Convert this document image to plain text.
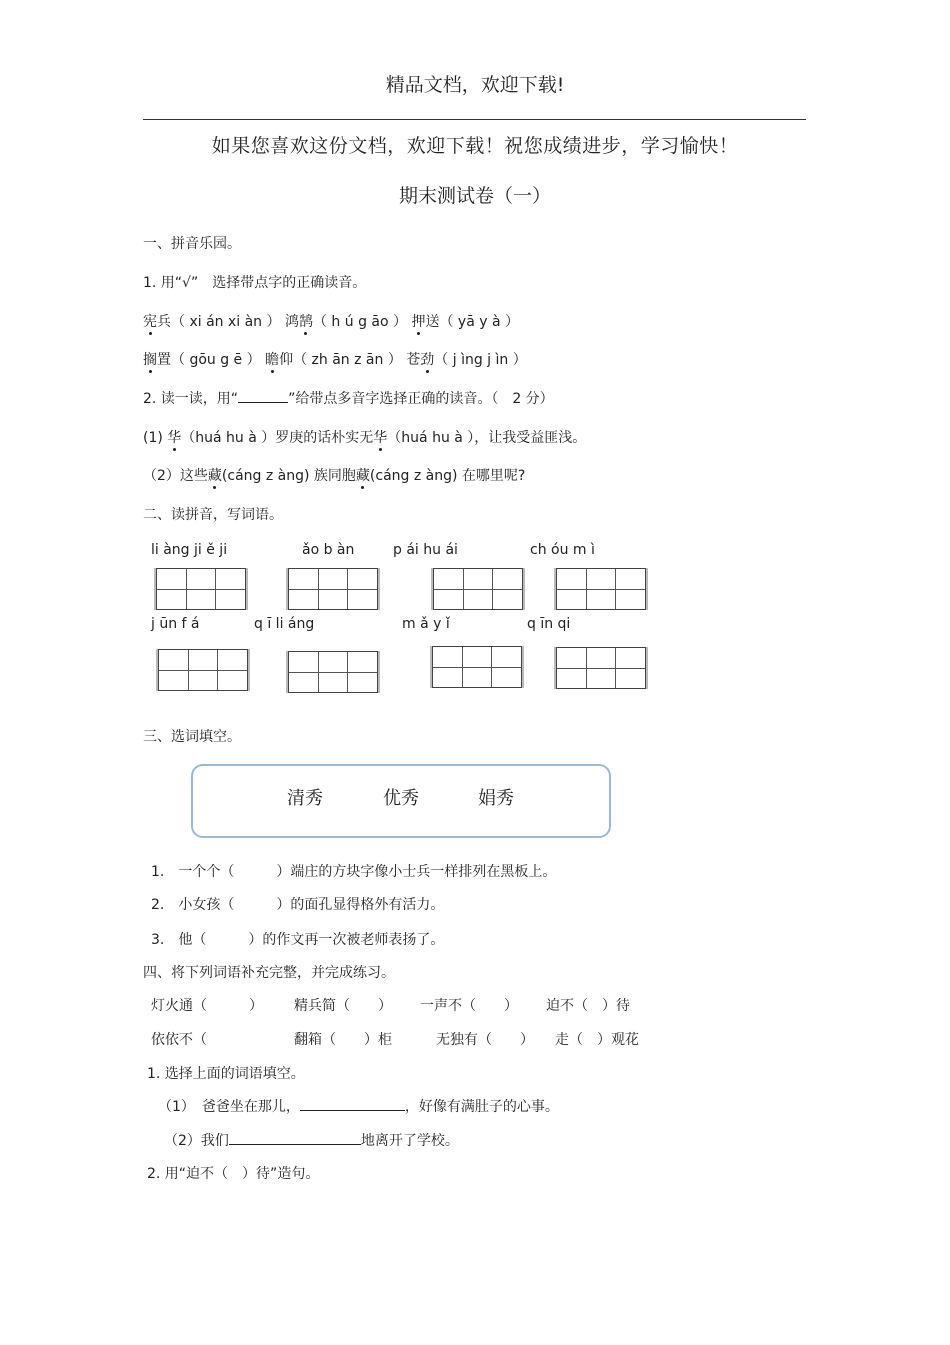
精品文档，欢迎下载!
如果您喜欢这份文档，欢迎下载！祝您成绩进步，学习愉快！
期末测试卷（一）
一、拼音乐园。
1. 用“√”　选择带点字的正确读音。
宪兵（ xi án xi àn ） 鸿鹄（ h ú g āo ） 押送（ yā y à ）
搁置（ gōu g ē ） 瞻仰（ zh ān z ān ） 苍劲（ j ìng j ìn ）
2. 读一读，用“	”给带点多音字选择正确的读音。（　2 分）
(1) 华（huá hu à ）罗庚的话朴实无华（huá hu à ），让我受益匪浅。
（2）这些藏(cáng z àng) 族同胞藏(cáng z àng) 在哪里呢?
二、读拼音，写词语。
li àng ji ě ji	ǎo b àn	p ái hu ái	ch óu m ì
j ūn f á	q ī li áng	m ǎ y ǐ	q īn qi
三、选词填空。
清秀	优秀	娟秀
1.　一个个（　　　）端庄的方块字像小士兵一样排列在黑板上。
2.　小女孩（　　　）的面孔显得格外有活力。
3.　他（　　　）的作文再一次被老师表扬了。
四、将下列词语补充完整，并完成练习。
灯火通（　　　） 精兵简（　　） 一声不（　　） 迫不（　）待
依依不（	翻箱（　　）柜	无独有（　　） 走（　）观花
1. 选择上面的词语填空。
（1）　爸爸坐在那儿，	，好像有满肚子的心事。
（2）我们	地离开了学校。
2. 用“迫不（　）待”造句。
